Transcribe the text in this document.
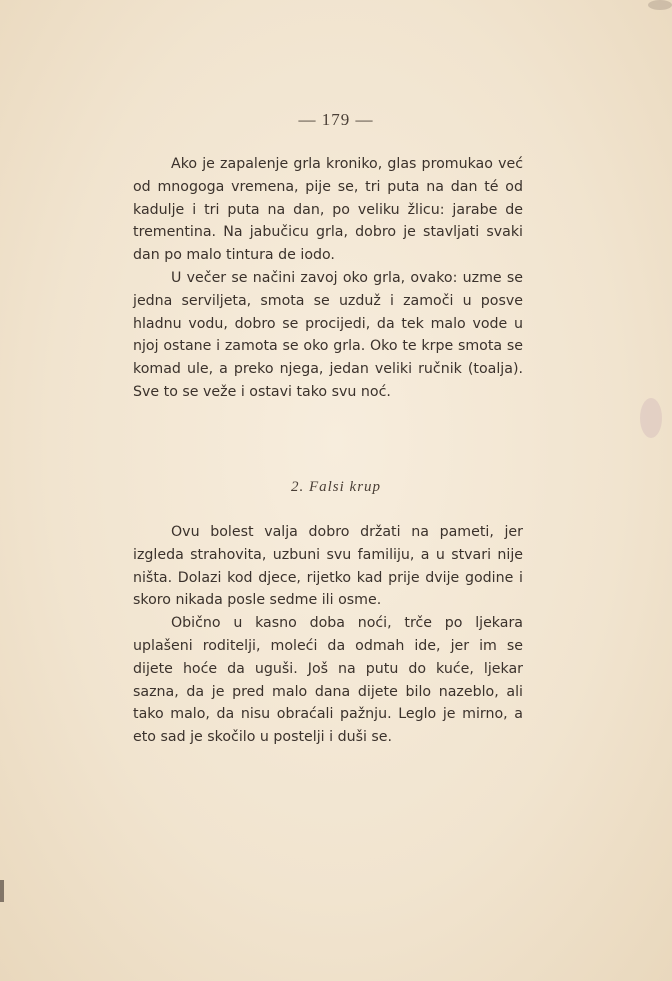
— 179 —

Ako je zapalenje grla kroniko, glas promukao već od mnogoga vremena, pije se, tri puta na dan té od kadulje i tri puta na dan, po veliku žlicu: jarabe de trementina. Na jabučicu grla, dobro je stavljati svaki dan po malo tintura de iodo.

U večer se načini zavoj oko grla, ovako: uzme se jedna serviljeta, smota se uzduž i zamoči u posve hladnu vodu, dobro se procijedi, da tek malo vode u njoj ostane i zamota se oko grla. Oko te krpe smota se komad ule, a preko njega, jedan veliki ručnik (toalja). Sve to se veže i ostavi tako svu noć.

2. Falsi krup

Ovu bolest valja dobro držati na pameti, jer izgleda strahovita, uzbuni svu familiju, a u stvari nije ništa. Dolazi kod djece, rijetko kad prije dvije godine i skoro nikada posle sedme ili osme.

Obično u kasno doba noći, trče po ljekara uplašeni roditelji, moleći da odmah ide, jer im se dijete hoće da uguši. Još na putu do kuće, ljekar sazna, da je pred malo dana dijete bilo nazeblo, ali tako malo, da nisu obraćali pažnju. Leglo je mirno, a eto sad je skočilo u postelji i duši se.
